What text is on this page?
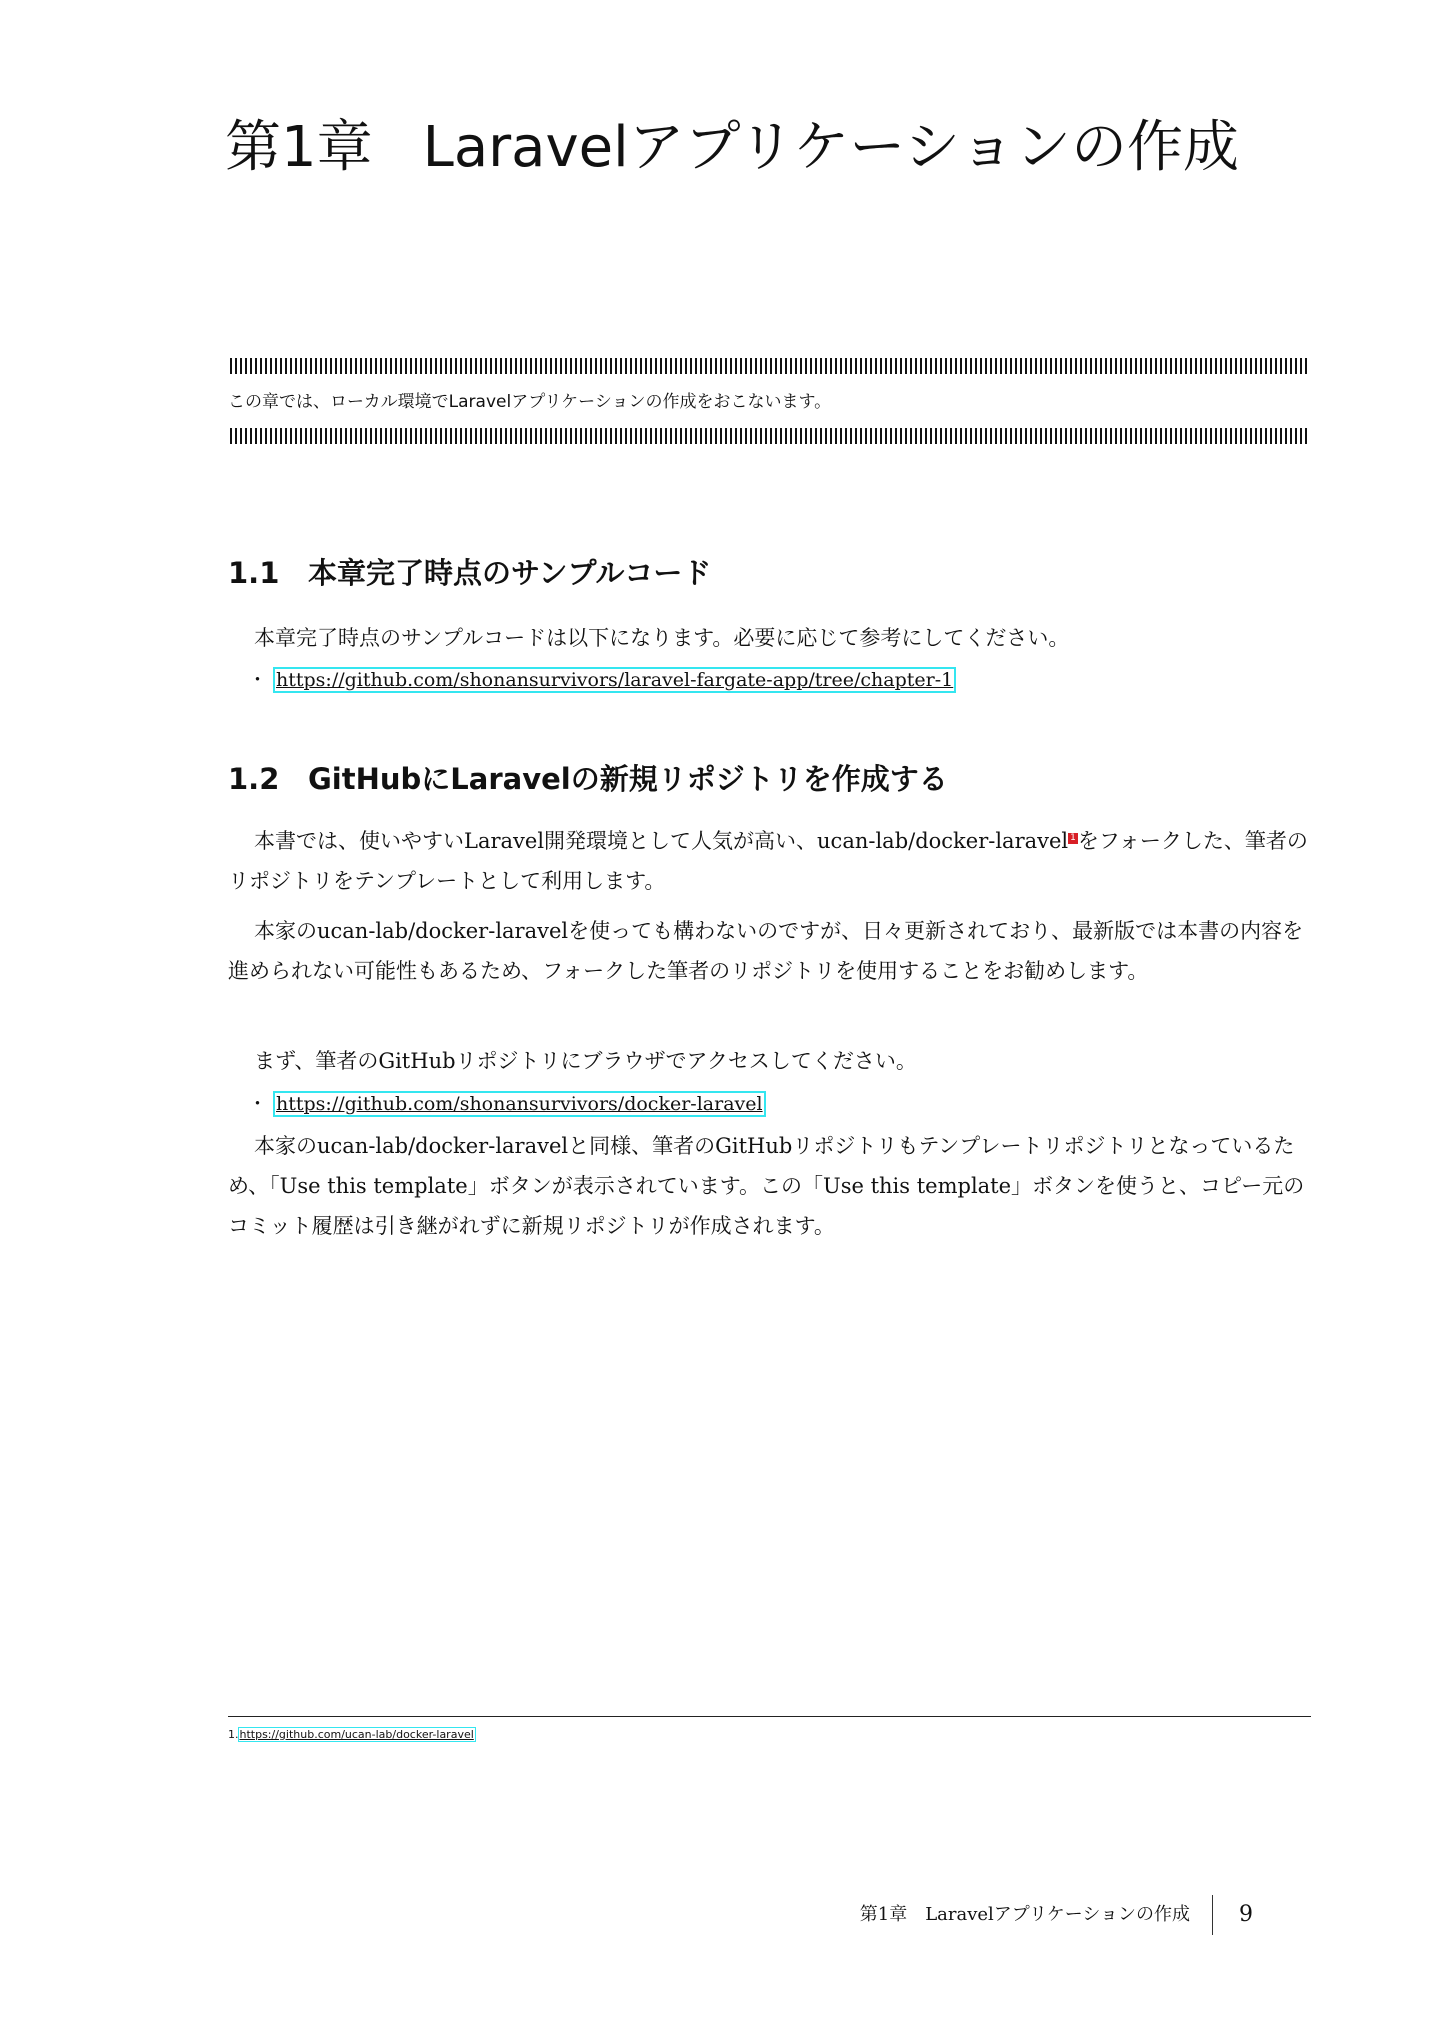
第1章 Laravelアプリケーションの作成
この章では、ローカル環境でLaravelアプリケーションの作成をおこないます。
1.1 本章完了時点のサンプルコード

本章完了時点のサンプルコードは以下になります。必要に応じて参考にしてください。

・ https://github.com/shonansurvivors/laravel-fargate-app/tree/chapter-1
1.2 GitHubにLaravelの新規リポジトリを作成する

本書では、使いやすいLaravel開発環境として人気が高い、ucan-lab/docker-laravel 1をフォークした、筆者のリポジトリをテンプレートとして利用します。

本家のucan-lab/docker-laravelを使っても構わないのですが、日々更新されており、最新版では本書の内容を進められない可能性もあるため、フォークした筆者のリポジトリを使用することをお勧めします。

まず、筆者のGitHubリポジトリにブラウザでアクセスしてください。

・ https://github.com/shonansurvivors/docker-laravel

本家のucan-lab/docker-laravelと同様、筆者のGitHubリポジトリもテンプレートリポジトリとなっているため、「Use this template」ボタンが表示されています。この「Use this template」ボタンを使うと、コピー元のコミット履歴は引き継がれずに新規リポジトリが作成されます。

1.https://github.com/ucan-lab/docker-laravel
第1章　Laravelアプリケーションの作成 9
